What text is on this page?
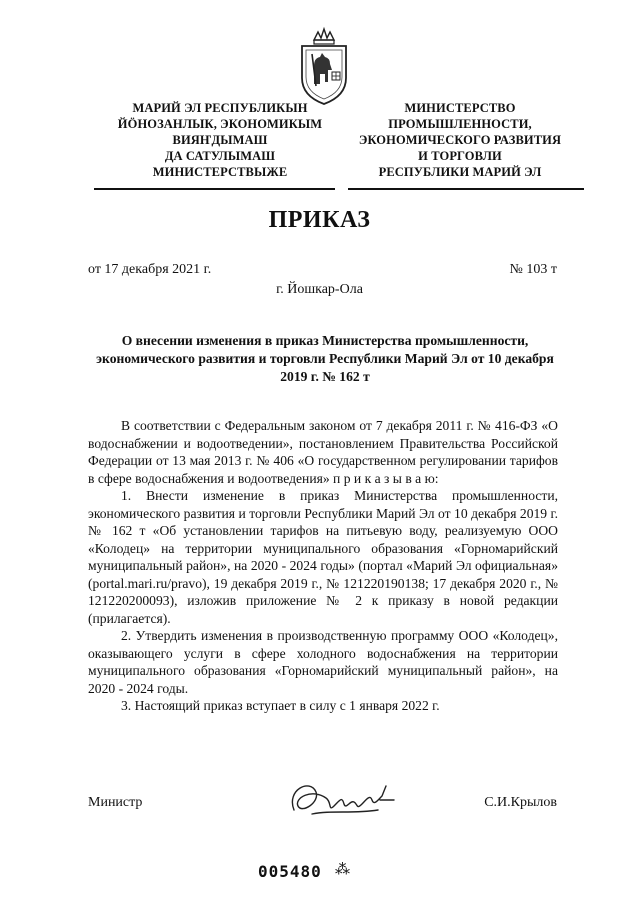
МАРИЙ ЭЛ РЕСПУБЛИКЫН
ЙӦНОЗАНЛЫК, ЭКОНОМИКЫМ
ВИЯҤДЫМАШ
ДА САТУЛЫМАШ
МИНИСТЕРСТВЫЖЕ
МИНИСТЕРСТВО
ПРОМЫШЛЕННОСТИ,
ЭКОНОМИЧЕСКОГО РАЗВИТИЯ
И ТОРГОВЛИ
РЕСПУБЛИКИ МАРИЙ ЭЛ
ПРИКАЗ
от 17 декабря 2021 г.	№ 103 т
г. Йошкар-Ола
О внесении изменения в приказ Министерства промышленности, экономического развития и торговли Республики Марий Эл от 10 декабря 2019 г. № 162 т

В соответствии с Федеральным законом от 7 декабря 2011 г. № 416-ФЗ «О водоснабжении и водоотведении», постановлением Правительства Российской Федерации от 13 мая 2013 г. № 406 «О государственном регулировании тарифов в сфере водоснабжения и водоотведения» п р и к а з ы в а ю:

1. Внести изменение в приказ Министерства промышленности, экономического развития и торговли Республики Марий Эл от 10 декабря 2019 г. № 162 т «Об установлении тарифов на питьевую воду, реализуемую ООО «Колодец» на территории муниципального образования «Горномарийский муниципальный район», на 2020 - 2024 годы» (портал «Марий Эл официальная» (portal.mari.ru/pravo), 19 декабря 2019 г., № 121220190138; 17 декабря 2020 г., № 121220200093), изложив приложение № 2 к приказу в новой редакции (прилагается).

2. Утвердить изменения в производственную программу ООО «Колодец», оказывающего услуги в сфере холодного водоснабжения на территории муниципального образования «Горномарийский муниципальный район», на 2020 - 2024 годы.

3. Настоящий приказ вступает в силу с 1 января 2022 г.

Министр	С.И.Крылов
005480 ⁂
